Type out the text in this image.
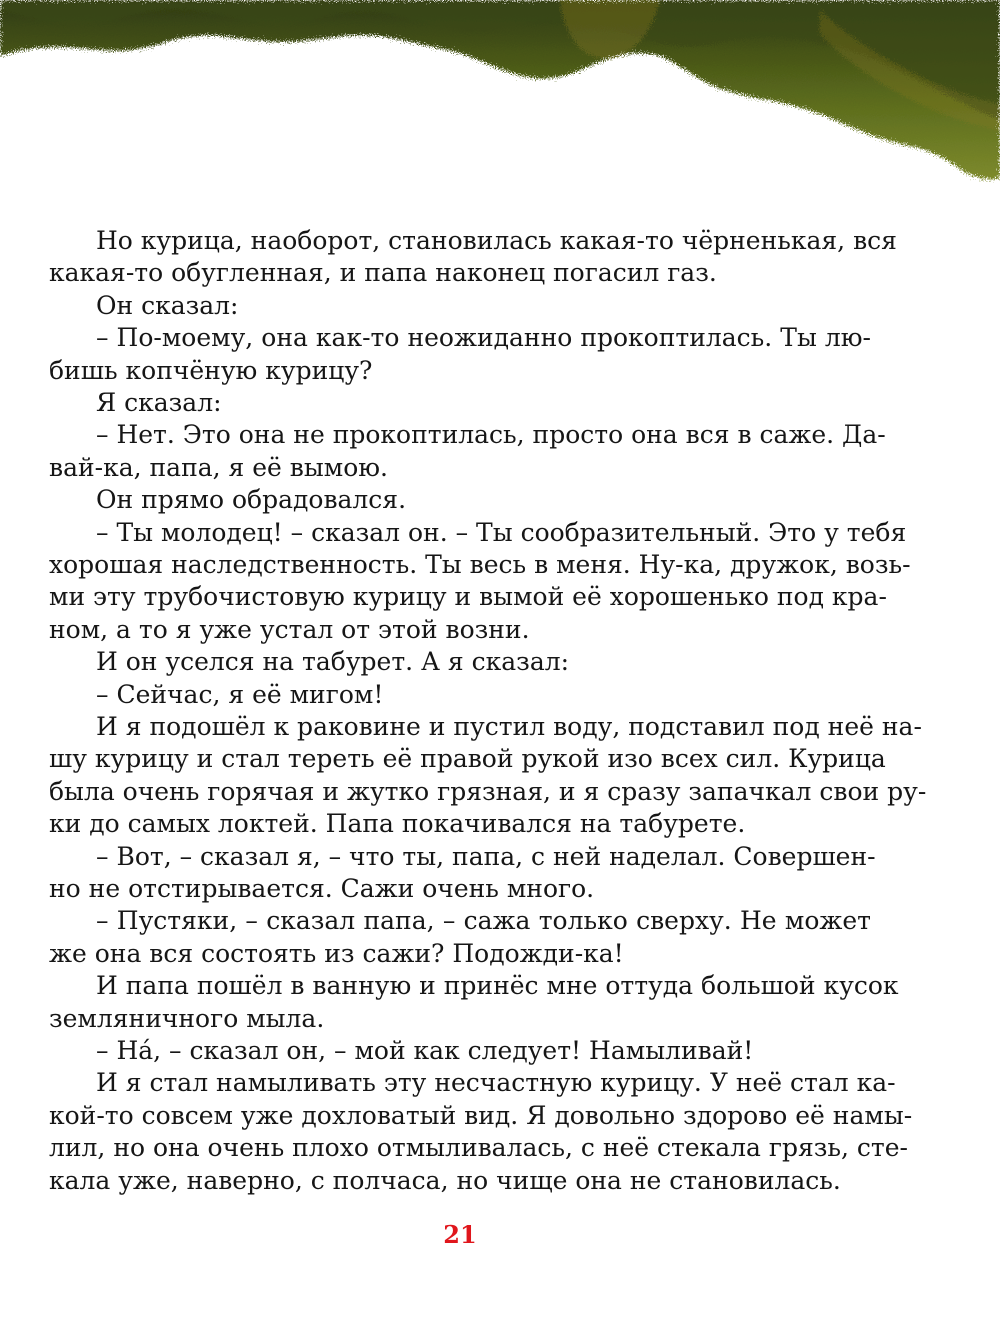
Но курица, наоборот, становилась какая-то чёрненькая, вся
какая-то обугленная, и папа наконец погасил газ.
Он сказал:
– По-моему, она как-то неожиданно прокоптилась. Ты лю-
бишь копчёную курицу?
Я сказал:
– Нет. Это она не прокоптилась, просто она вся в саже. Да-
вай-ка, папа, я её вымою.
Он прямо обрадовался.
– Ты молодец! – сказал он. – Ты сообразительный. Это у тебя
хорошая наследственность. Ты весь в меня. Ну-ка, дружок, возь-
ми эту трубочистовую курицу и вымой её хорошенько под кра-
ном, а то я уже устал от этой возни.
И он уселся на табурет. А я сказал:
– Сейчас, я её мигом!
И я подошёл к раковине и пустил воду, подставил под неё на-
шу курицу и стал тереть её правой рукой изо всех сил. Курица
была очень горячая и жутко грязная, и я сразу запачкал свои ру-
ки до самых локтей. Папа покачивался на табурете.
– Вот, – сказал я, – что ты, папа, с ней наделал. Совершен-
но не отстирывается. Сажи очень много.
– Пустяки, – сказал папа, – сажа только сверху. Не может
же она вся состоять из сажи? Подожди-ка!
И папа пошёл в ванную и принёс мне оттуда большой кусок
земляничного мыла.
– Нá, – сказал он, – мой как следует! Намыливай!
И я стал намыливать эту несчастную курицу. У неё стал ка-
кой-то совсем уже дохловатый вид. Я довольно здорово её намы-
лил, но она очень плохо отмыливалась, с неё стекала грязь, сте-
кала уже, наверно, с полчаса, но чище она не становилась.
21
